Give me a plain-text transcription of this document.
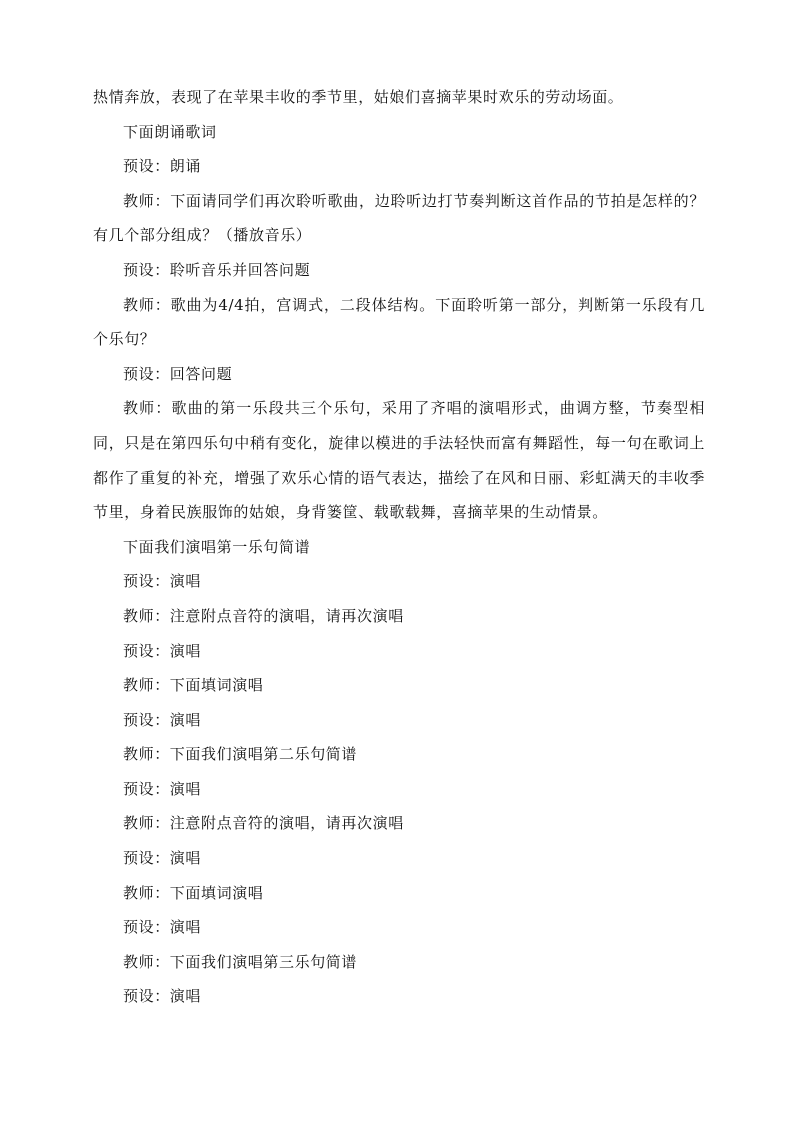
热情奔放，表现了在苹果丰收的季节里，姑娘们喜摘苹果时欢乐的劳动场面。

下面朗诵歌词

预设：朗诵

教师：下面请同学们再次聆听歌曲，边聆听边打节奏判断这首作品的节拍是怎样的？有几个部分组成？（播放音乐）

预设：聆听音乐并回答问题

教师：歌曲为4/4拍，宫调式，二段体结构。下面聆听第一部分，判断第一乐段有几个乐句？

预设：回答问题

教师：歌曲的第一乐段共三个乐句，采用了齐唱的演唱形式，曲调方整，节奏型相同，只是在第四乐句中稍有变化，旋律以模进的手法轻快而富有舞蹈性，每一句在歌词上都作了重复的补充，增强了欢乐心情的语气表达，描绘了在风和日丽、彩虹满天的丰收季节里，身着民族服饰的姑娘，身背篓筐、载歌载舞，喜摘苹果的生动情景。

下面我们演唱第一乐句简谱

预设：演唱

教师：注意附点音符的演唱，请再次演唱

预设：演唱

教师：下面填词演唱

预设：演唱

教师：下面我们演唱第二乐句简谱

预设：演唱

教师：注意附点音符的演唱，请再次演唱

预设：演唱

教师：下面填词演唱

预设：演唱

教师：下面我们演唱第三乐句简谱

预设：演唱
